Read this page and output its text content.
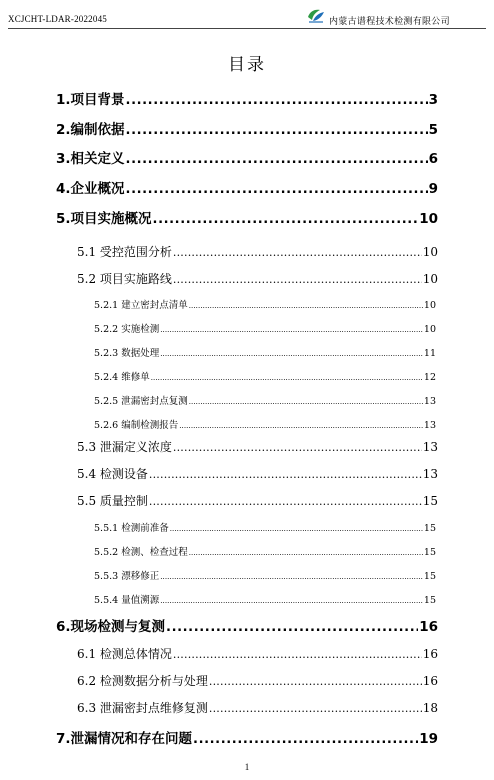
XCJCHT-LDAR-2022045	内蒙古谱程技术检测有限公司
目录
1.项目背景 .....	3
2.编制依据 .....	5
3.相关定义 .....	6
4.企业概况 .....	9
5.项目实施概况 .....	10
5.1 受控范围分析 .....	10
5.2 项目实施路线 .....	10
5.2.1 建立密封点清单 .....	10
5.2.2 实施检测 .....	10
5.2.3 数据处理 .....	11
5.2.4 维修单 .....	12
5.2.5 泄漏密封点复测 .....	13
5.2.6 编制检测报告 .....	13
5.3 泄漏定义浓度 .....	13
5.4 检测设备 .....	13
5.5 质量控制 .....	15
5.5.1 检测前准备 .....	15
5.5.2 检测、检查过程 .....	15
5.5.3 漂移修正 .....	15
5.5.4 量值溯源 .....	15
6.现场检测与复测 .....	16
6.1 检测总体情况 .....	16
6.2 检测数据分析与处理 .....	16
6.3 泄漏密封点维修复测 .....	18
7.泄漏情况和存在问题 .....	19
1
